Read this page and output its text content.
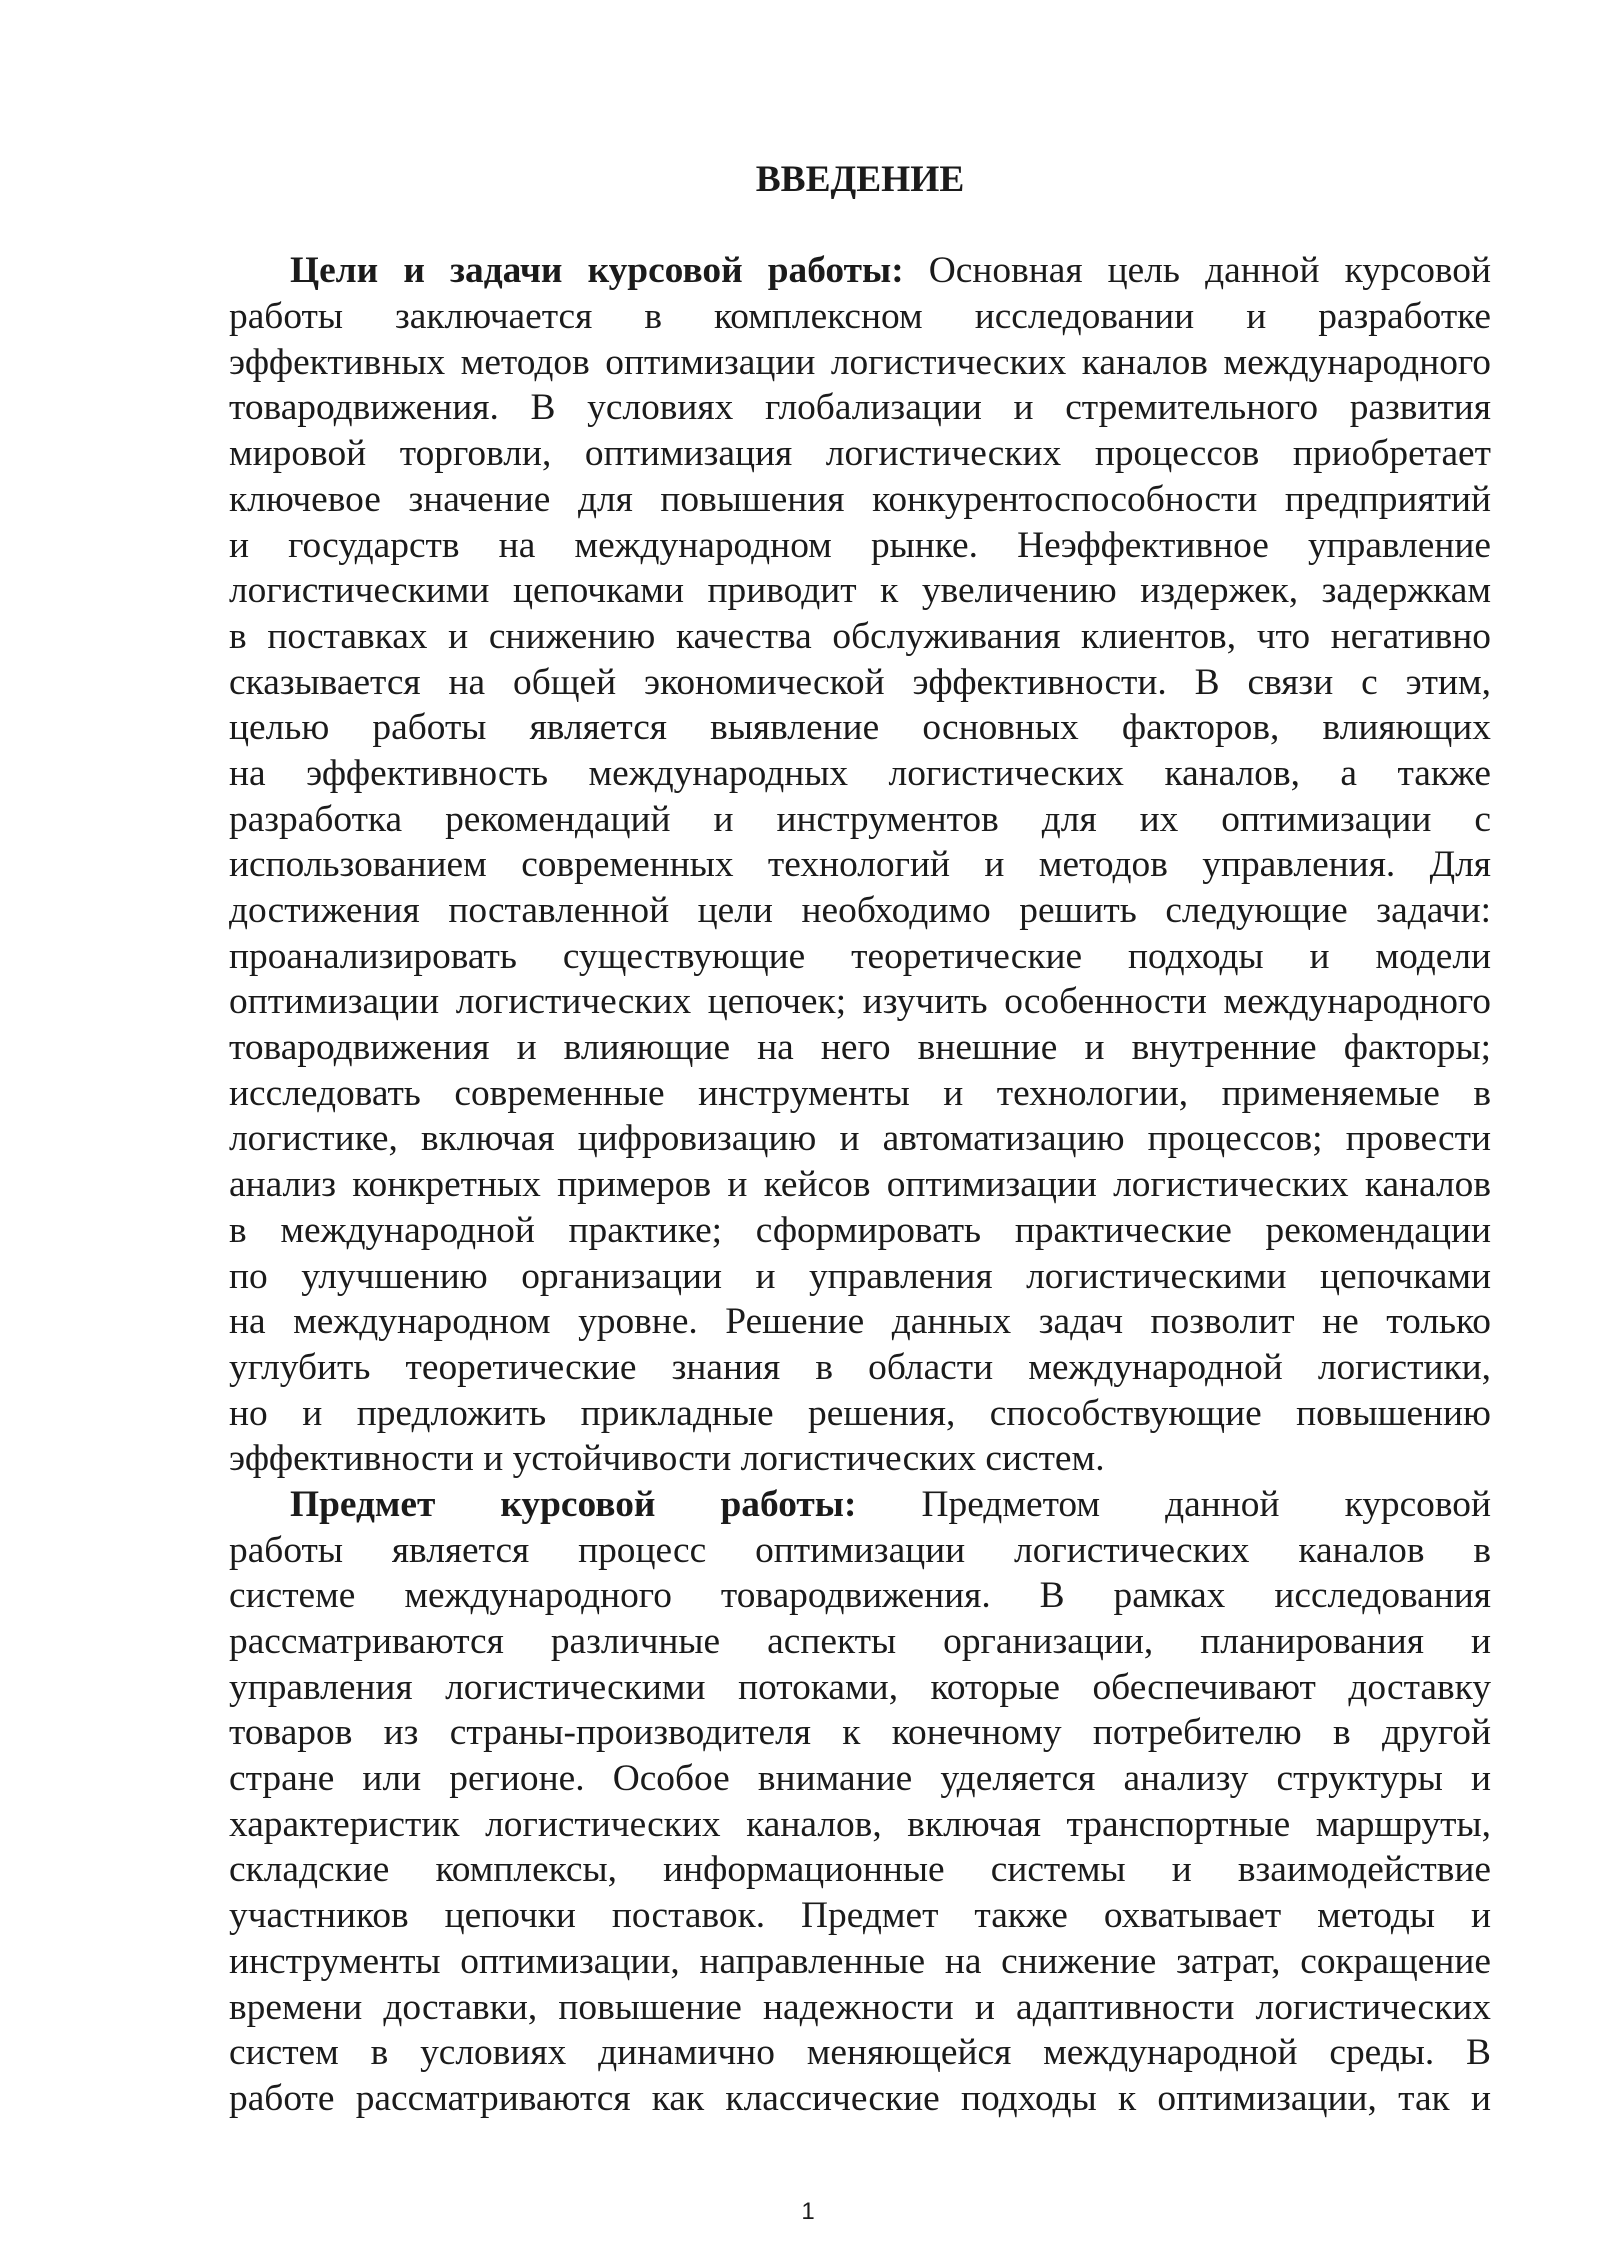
ВВЕДЕНИЕ
Цели и задачи курсовой работы: Основная цель данной курсовой
работы заключается в комплексном исследовании и разработке
эффективных методов оптимизации логистических каналов международного
товародвижения. В условиях глобализации и стремительного развития
мировой торговли, оптимизация логистических процессов приобретает
ключевое значение для повышения конкурентоспособности предприятий
и государств на международном рынке. Неэффективное управление
логистическими цепочками приводит к увеличению издержек, задержкам
в поставках и снижению качества обслуживания клиентов, что негативно
сказывается на общей экономической эффективности. В связи с этим,
целью работы является выявление основных факторов, влияющих
на эффективность международных логистических каналов, а также
разработка рекомендаций и инструментов для их оптимизации с
использованием современных технологий и методов управления. Для
достижения поставленной цели необходимо решить следующие задачи:
проанализировать существующие теоретические подходы и модели
оптимизации логистических цепочек; изучить особенности международного
товародвижения и влияющие на него внешние и внутренние факторы;
исследовать современные инструменты и технологии, применяемые в
логистике, включая цифровизацию и автоматизацию процессов; провести
анализ конкретных примеров и кейсов оптимизации логистических каналов
в международной практике; сформировать практические рекомендации
по улучшению организации и управления логистическими цепочками
на международном уровне. Решение данных задач позволит не только
углубить теоретические знания в области международной логистики,
но и предложить прикладные решения, способствующие повышению
эффективности и устойчивости логистических систем.
Предмет курсовой работы: Предметом данной курсовой
работы является процесс оптимизации логистических каналов в
системе международного товародвижения. В рамках исследования
рассматриваются различные аспекты организации, планирования и
управления логистическими потоками, которые обеспечивают доставку
товаров из страны-производителя к конечному потребителю в другой
стране или регионе. Особое внимание уделяется анализу структуры и
характеристик логистических каналов, включая транспортные маршруты,
складские комплексы, информационные системы и взаимодействие
участников цепочки поставок. Предмет также охватывает методы и
инструменты оптимизации, направленные на снижение затрат, сокращение
времени доставки, повышение надежности и адаптивности логистических
систем в условиях динамично меняющейся международной среды. В
работе рассматриваются как классические подходы к оптимизации, так и
1
